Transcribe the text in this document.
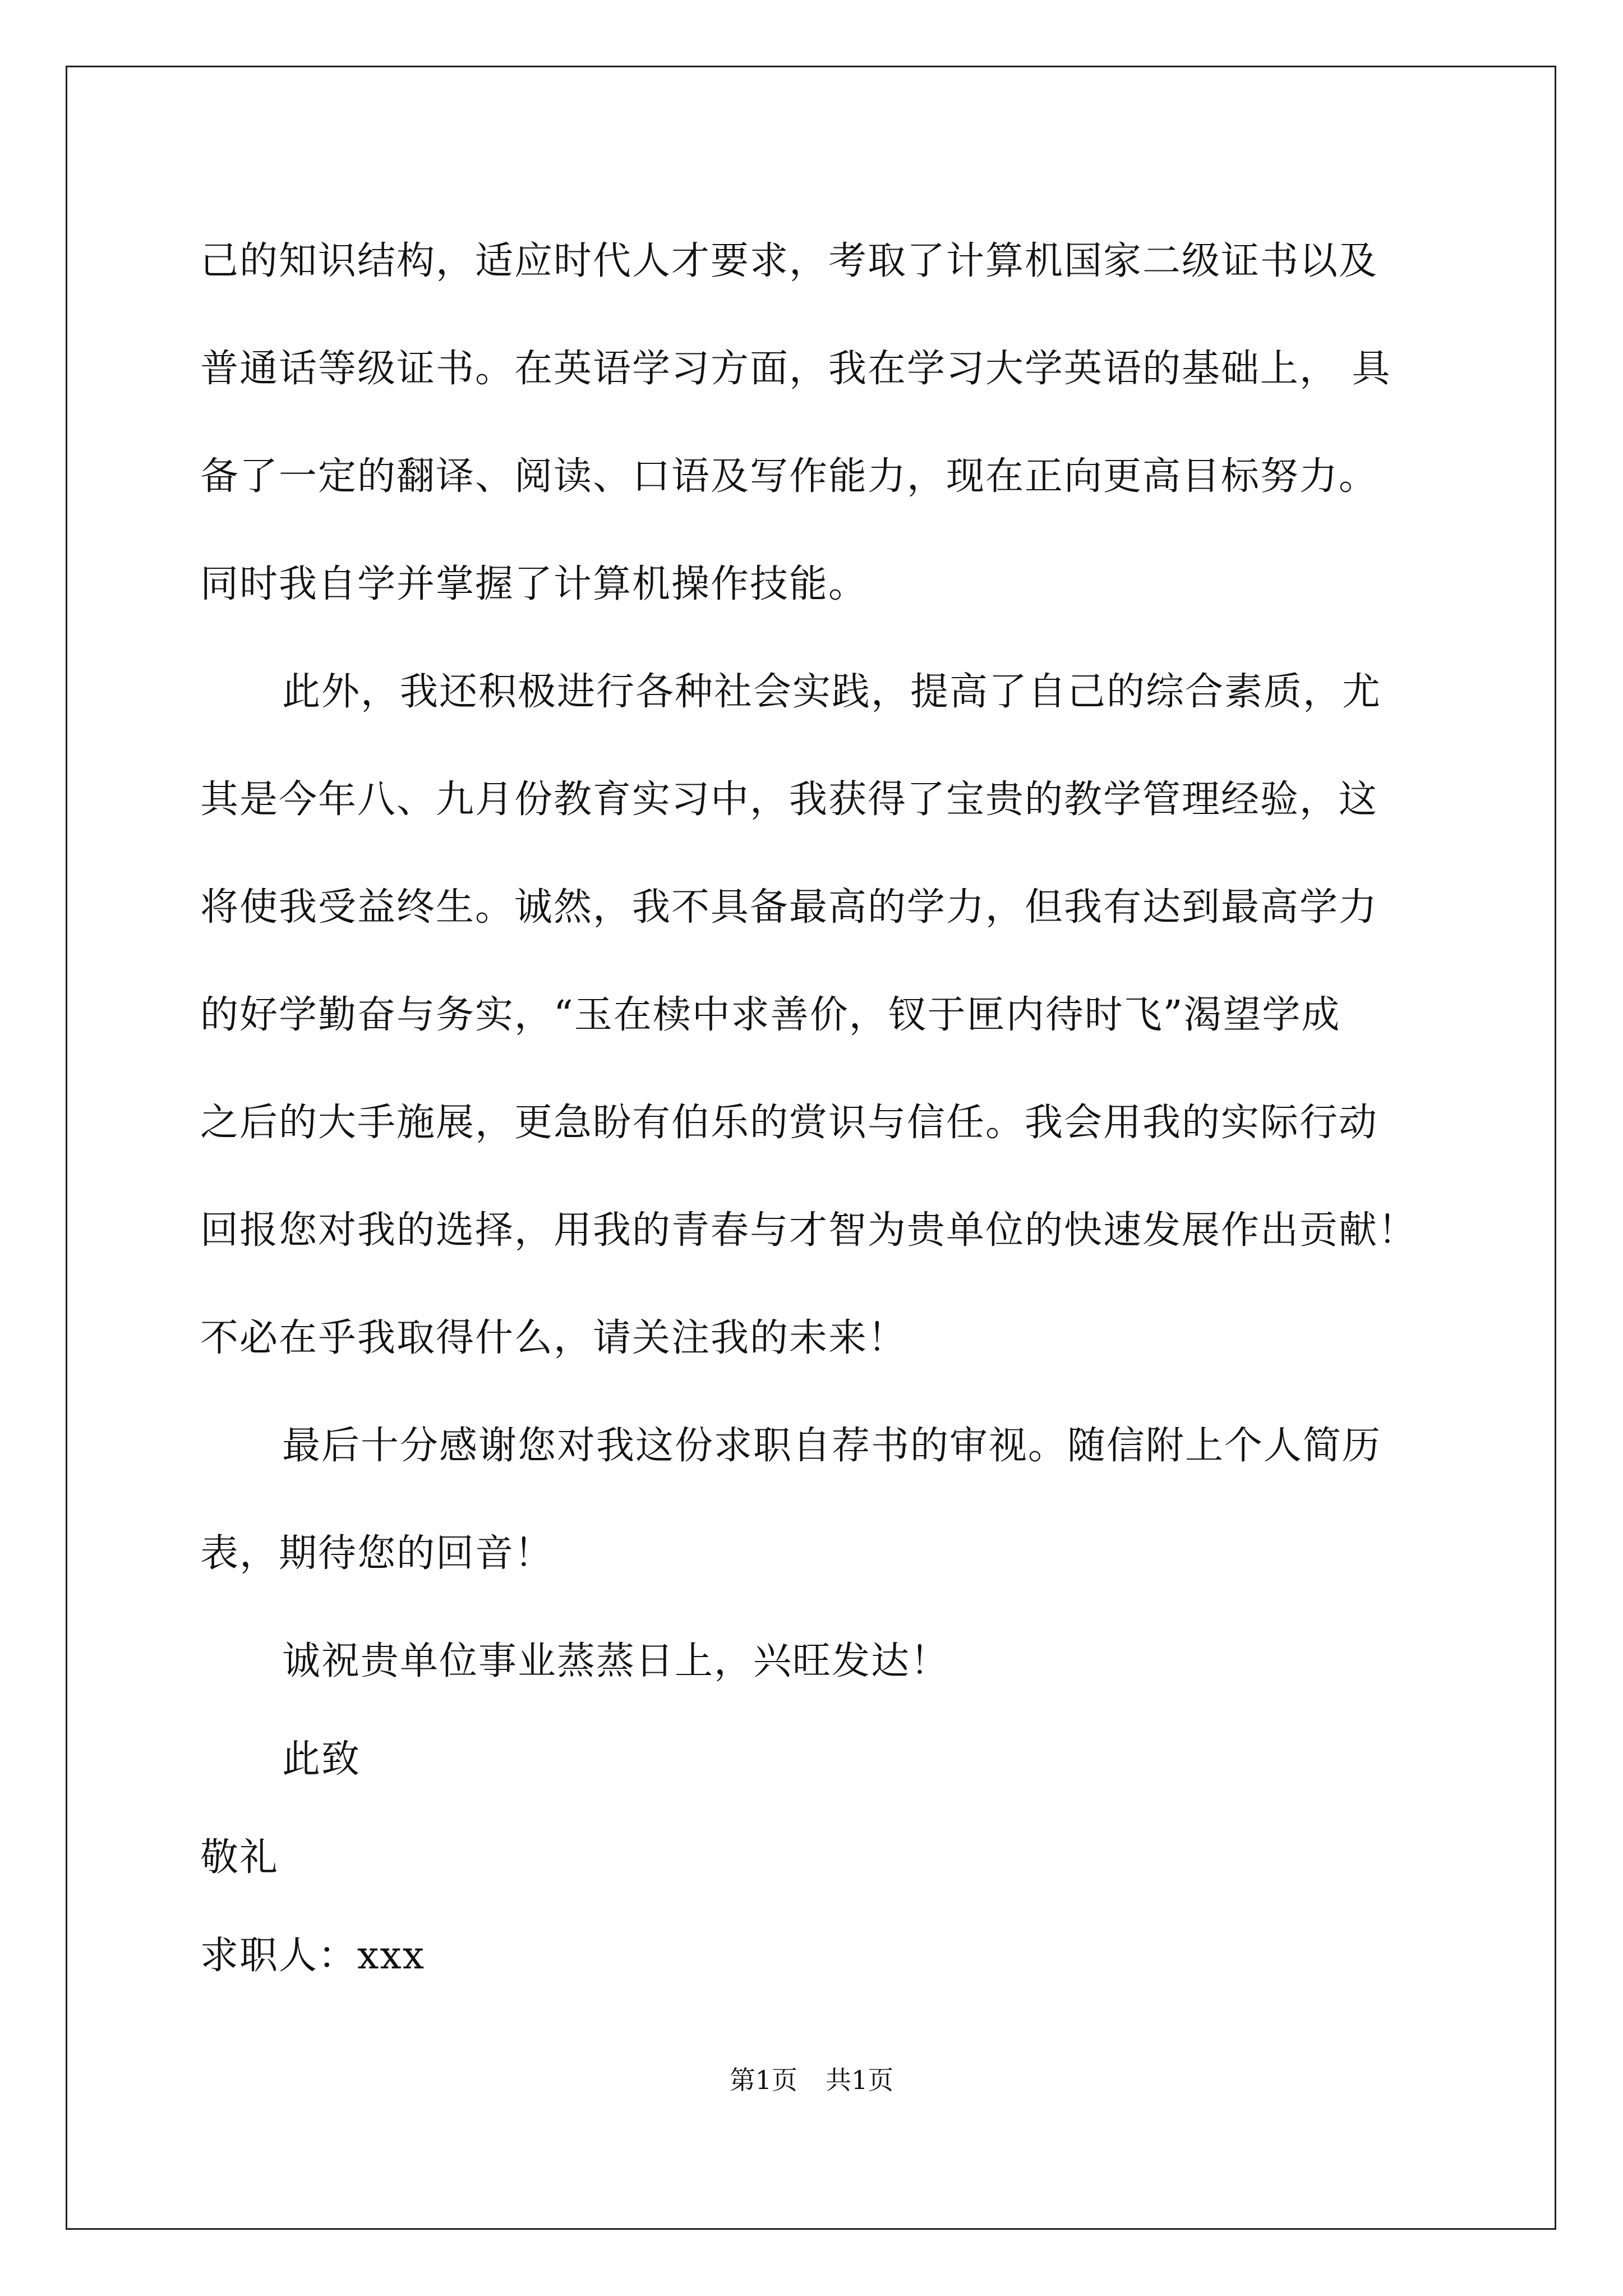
己的知识结构，适应时代人才要求，考取了计算机国家二级证书以及
普通话等级证书。在英语学习方面，我在学习大学英语的基础上， 具
备了一定的翻译、阅读、口语及写作能力，现在正向更高目标努力。
同时我自学并掌握了计算机操作技能。
此外，我还积极进行各种社会实践，提高了自己的综合素质，尤
其是今年八、九月份教育实习中，我获得了宝贵的教学管理经验，这
将使我受益终生。诚然，我不具备最高的学力，但我有达到最高学力
的好学勤奋与务实，“玉在椟中求善价，钗于匣内待时飞”渴望学成
之后的大手施展，更急盼有伯乐的赏识与信任。我会用我的实际行动
回报您对我的选择，用我的青春与才智为贵单位的快速发展作出贡献！
不必在乎我取得什么，请关注我的未来！
最后十分感谢您对我这份求职自荐书的审视。随信附上个人简历
表，期待您的回音！
诚祝贵单位事业蒸蒸日上，兴旺发达！
此致
敬礼
求职人：xxx
第1页 共1页
